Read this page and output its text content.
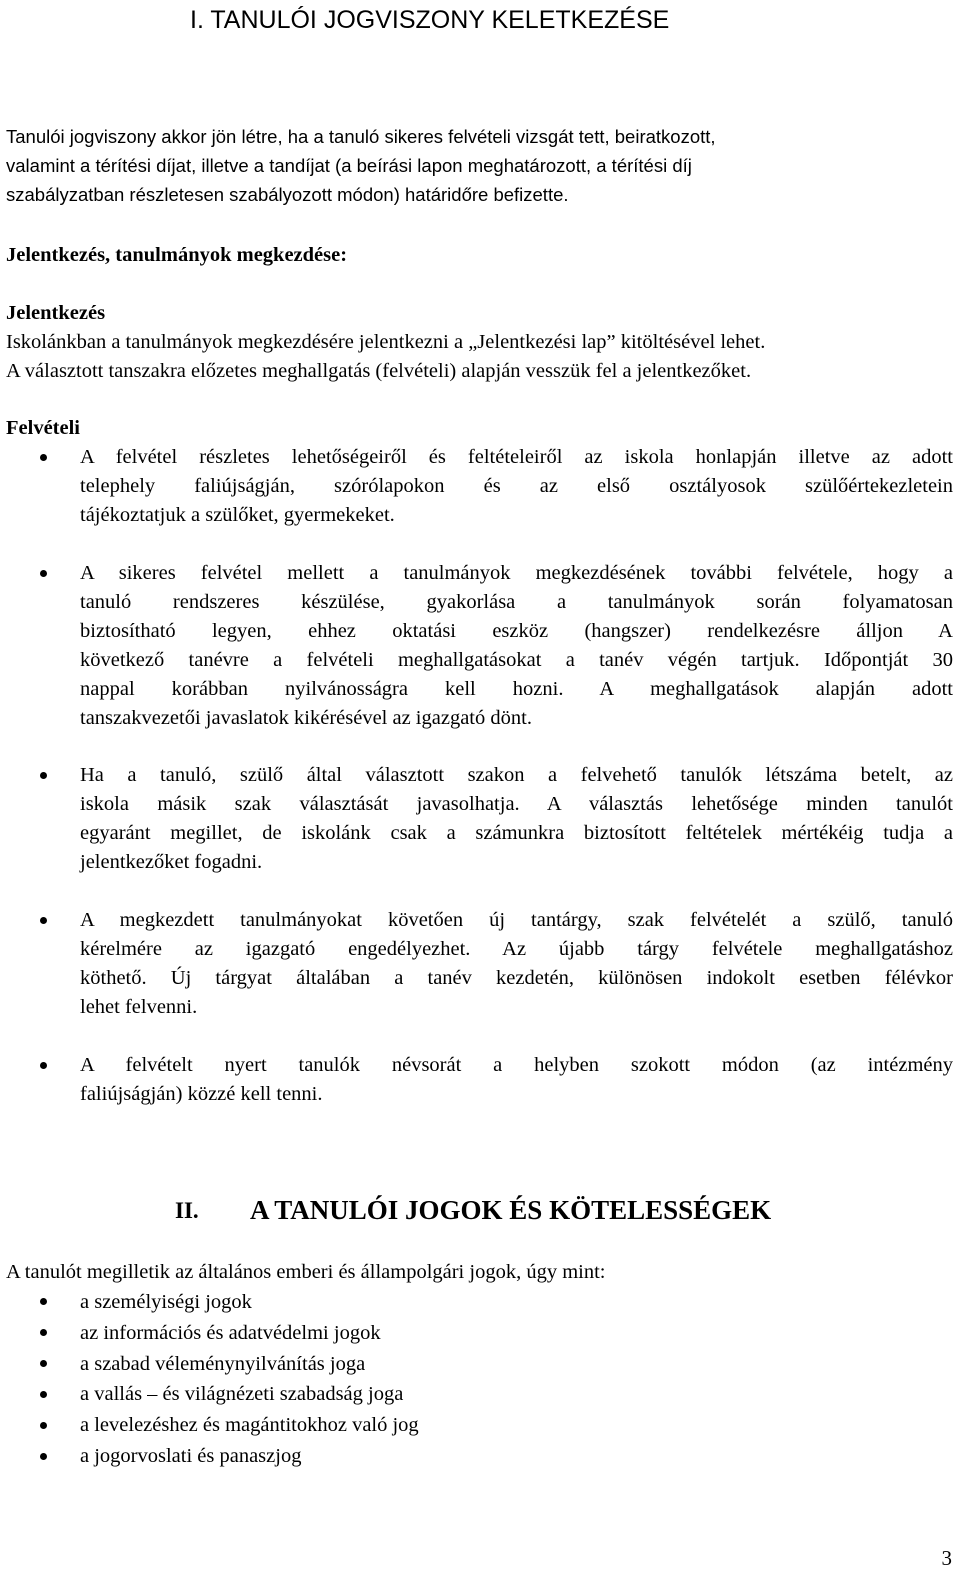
I. TANULÓI JOGVISZONY KELETKEZÉSE
Tanulói jogviszony akkor jön létre, ha a tanuló sikeres felvételi vizsgát tett, beiratkozott,
valamint a térítési díjat, illetve a tandíjat (a beírási lapon meghatározott, a térítési díj
szabályzatban részletesen szabályozott módon) határidőre befizette.
Jelentkezés, tanulmányok megkezdése:
Jelentkezés
Iskolánkban a tanulmányok megkezdésére jelentkezni a „Jelentkezési lap” kitöltésével lehet.
A választott tanszakra előzetes meghallgatás (felvételi) alapján vesszük fel a jelentkezőket.
Felvételi
A felvétel részletes lehetőségeiről és feltételeiről az iskola honlapján illetve az adott
telephely faliújságján, szórólapokon és az első osztályosok szülőértekezletein
tájékoztatjuk a szülőket, gyermekeket.
A sikeres felvétel mellett a tanulmányok megkezdésének további felvétele, hogy a
tanuló rendszeres készülése, gyakorlása a tanulmányok során folyamatosan
biztosítható legyen, ehhez oktatási eszköz (hangszer) rendelkezésre álljon A
következő tanévre a felvételi meghallgatásokat a tanév végén tartjuk. Időpontját 30
nappal korábban nyilvánosságra kell hozni. A meghallgatások alapján adott
tanszakvezetői javaslatok kikérésével az igazgató dönt.
Ha a tanuló, szülő által választott szakon a felvehető tanulók létszáma betelt, az
iskola másik szak választását javasolhatja. A választás lehetősége minden tanulót
egyaránt megillet, de iskolánk csak a számunkra biztosított feltételek mértékéig tudja a
jelentkezőket fogadni.
A megkezdett tanulmányokat követően új tantárgy, szak felvételét a szülő, tanuló
kérelmére az igazgató engedélyezhet. Az újabb tárgy felvétele meghallgatáshoz
köthető. Új tárgyat általában a tanév kezdetén, különösen indokolt esetben félévkor
lehet felvenni.
A felvételt nyert tanulók névsorát a helyben szokott módon (az intézmény
faliújságján) közzé kell tenni.
II. A TANULÓI JOGOK ÉS KÖTELESSÉGEK
A tanulót megilletik az általános emberi és állampolgári jogok, úgy mint:
a személyiségi jogok
az információs és adatvédelmi jogok
a szabad véleménynyilvánítás joga
a vallás – és világnézeti szabadság joga
a levelezéshez és magántitokhoz való jog
a jogorvoslati és panaszjog
3
